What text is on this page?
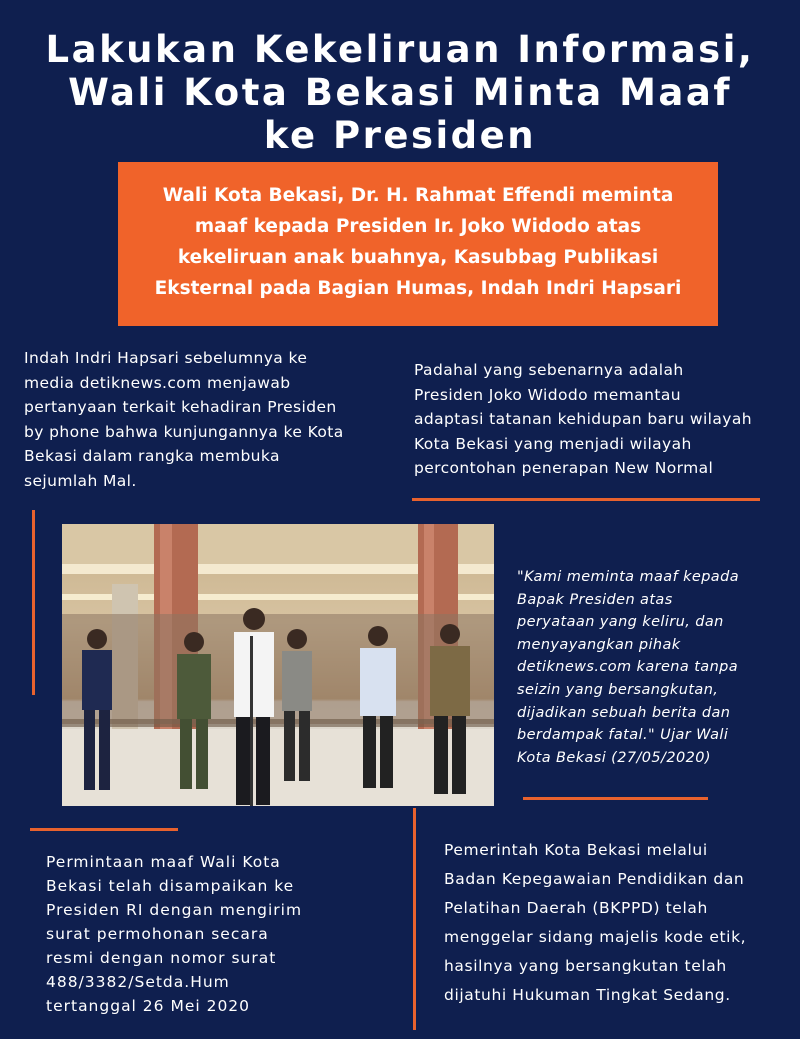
Lakukan Kekeliruan Informasi,
Wali Kota Bekasi Minta Maaf
ke Presiden
Wali Kota Bekasi, Dr. H. Rahmat Effendi meminta
maaf kepada Presiden Ir. Joko Widodo atas
kekeliruan anak buahnya, Kasubbag Publikasi
Eksternal pada Bagian Humas, Indah Indri Hapsari

Indah Indri Hapsari sebelumnya ke
media detiknews.com menjawab
pertanyaan terkait kehadiran Presiden
by phone bahwa kunjungannya ke Kota
Bekasi dalam rangka membuka
sejumlah Mal.

Padahal yang sebenarnya adalah
Presiden Joko Widodo memantau
adaptasi tatanan kehidupan baru wilayah
Kota Bekasi yang menjadi wilayah
percontohan penerapan New Normal

"Kami meminta maaf kepada
Bapak Presiden atas
peryataan yang keliru, dan
menyayangkan pihak
detiknews.com karena tanpa
seizin yang bersangkutan,
dijadikan sebuah berita dan
berdampak fatal." Ujar Wali
Kota Bekasi (27/05/2020)

Permintaan maaf Wali Kota
Bekasi telah disampaikan ke
Presiden RI dengan mengirim
surat permohonan secara
resmi dengan nomor surat
488/3382/Setda.Hum
tertanggal 26 Mei 2020

Pemerintah Kota Bekasi melalui
Badan Kepegawaian Pendidikan dan
Pelatihan Daerah (BKPPD) telah
menggelar sidang majelis kode etik,
hasilnya yang bersangkutan telah
dijatuhi Hukuman Tingkat Sedang.
